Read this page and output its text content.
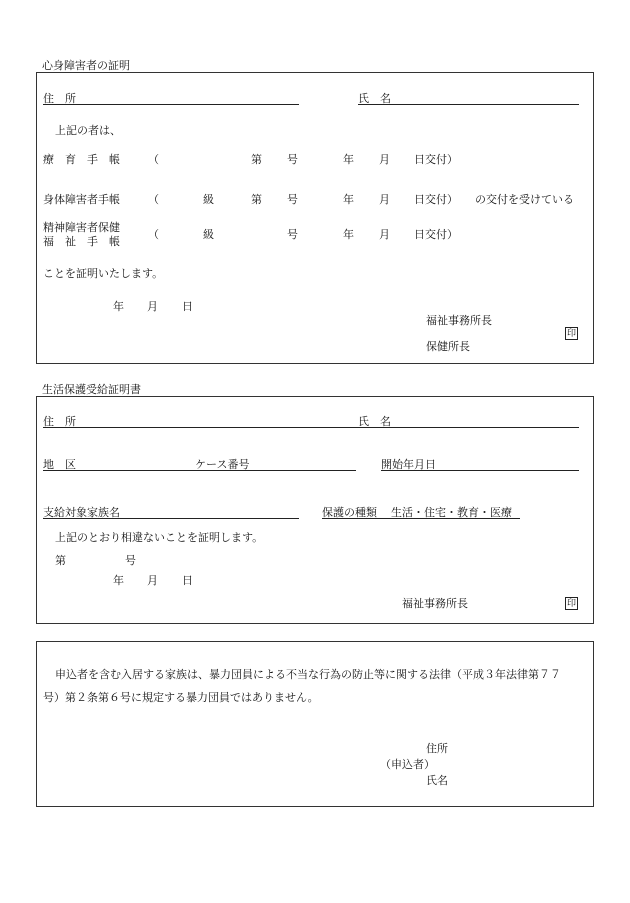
心身障害者の証明
住　所	氏　名
上記の者は、
療　育　手　帳	（	第 号	年 月 日交付）
身体障害者手帳	（	級	第 号	年 月 日交付） の交付を受けている
精神障害者保健
福　祉　手　帳
（	級	号	年 月 日交付）
ことを証明いたします。
年 月 日
福祉事務所長
印
保健所長
生活保護受給証明書
住　所	氏　名
地　区	ケース番号	開始年月日
支給対象家族名	保護の種類 生活・住宅・教育・医療
上記のとおり相違ないことを証明します。
第	号
年 月 日
福祉事務所長	印
申込者を含む入居する家族は、暴力団員による不当な行為の防止等に関する法律（平成３年法律第７７
号）第２条第６号に規定する暴力団員ではありません。
住所
（申込者）
氏名
